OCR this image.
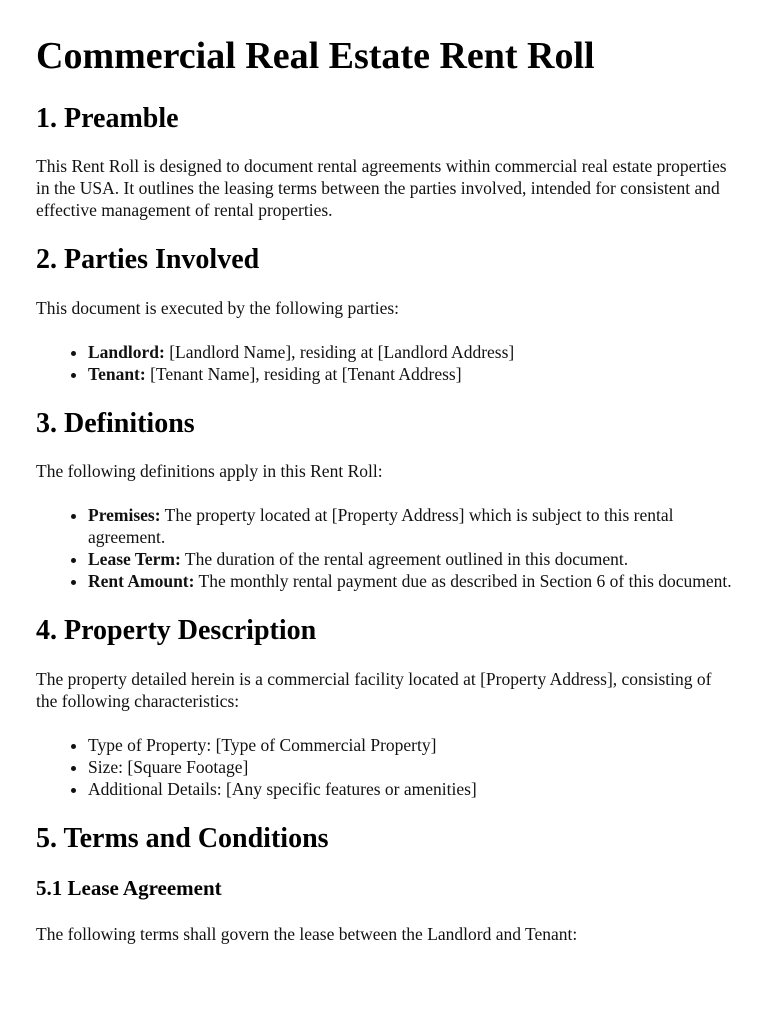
Commercial Real Estate Rent Roll
1. Preamble

This Rent Roll is designed to document rental agreements within commercial real estate properties in the USA. It outlines the leasing terms between the parties involved, intended for consistent and effective management of rental properties.

2. Parties Involved

This document is executed by the following parties:

• Landlord: [Landlord Name], residing at [Landlord Address]
• Tenant: [Tenant Name], residing at [Tenant Address]
3. Definitions

The following definitions apply in this Rent Roll:

• Premises: The property located at [Property Address] which is subject to this rental agreement.
• Lease Term: The duration of the rental agreement outlined in this document.
• Rent Amount: The monthly rental payment due as described in Section 6 of this document.
4. Property Description

The property detailed herein is a commercial facility located at [Property Address], consisting of the following characteristics:

• Type of Property: [Type of Commercial Property]
• Size: [Square Footage]
• Additional Details: [Any specific features or amenities]
5. Terms and Conditions
5.1 Lease Agreement

The following terms shall govern the lease between the Landlord and Tenant:
